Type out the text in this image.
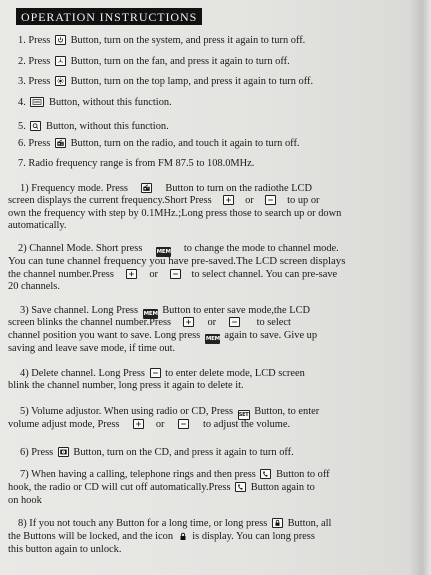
OPERATION INSTRUCTIONS
1. Press Button, turn on the system, and press it again to turn off.
2. Press Button, turn on the fan, and press it again to turn off.
3. Press Button, turn on the top lamp, and press it again to turn off.
4. Button, without this function.
5. Button, without this function.
6. Press Button, turn on the radio, and touch it again to turn off.
7. Radio frequency range is from FM 87.5 to 108.0MHz.
1) Frequency mode. Press	Button to turn on the radiothe LCD
screen displays the current frequency.Short Press	or	to up or
own the frequency with step by 0.1MHz.;Long press those to search up or down
automatically.
2) Channel Mode. Short press	MEM to change the mode to channel mode.
You can tune channel frequency you have pre-saved.The LCD screen displays
the channel number.Press	or	to select channel. You can pre-save
20 channels.
3) Save channel. Long Press MEM Button to enter save mode,the LCD
screen blinks the channel number.Press	or	to select
channel position you want to save. Long press MEM again to save. Give up
saving and leave save mode, if time out.
4) Delete channel. Long Press to enter delete mode, LCD screen
blink the channel number, long press it again to delete it.
5) Volume adjustor. When using radio or CD, Press SET Button, to enter
volume adjust mode, Press	or	to adjust the volume.
6) Press Button, turn on the CD, and press it again to turn off.
7) When having a calling, telephone rings and then press Button to off
hook, the radio or CD will cut off automatically.Press Button again to
on hook
8) If you not touch any Button for a long time, or long press Button, all
the Buttons will be locked, and the icon is display. You can long press
this button again to unlock.
